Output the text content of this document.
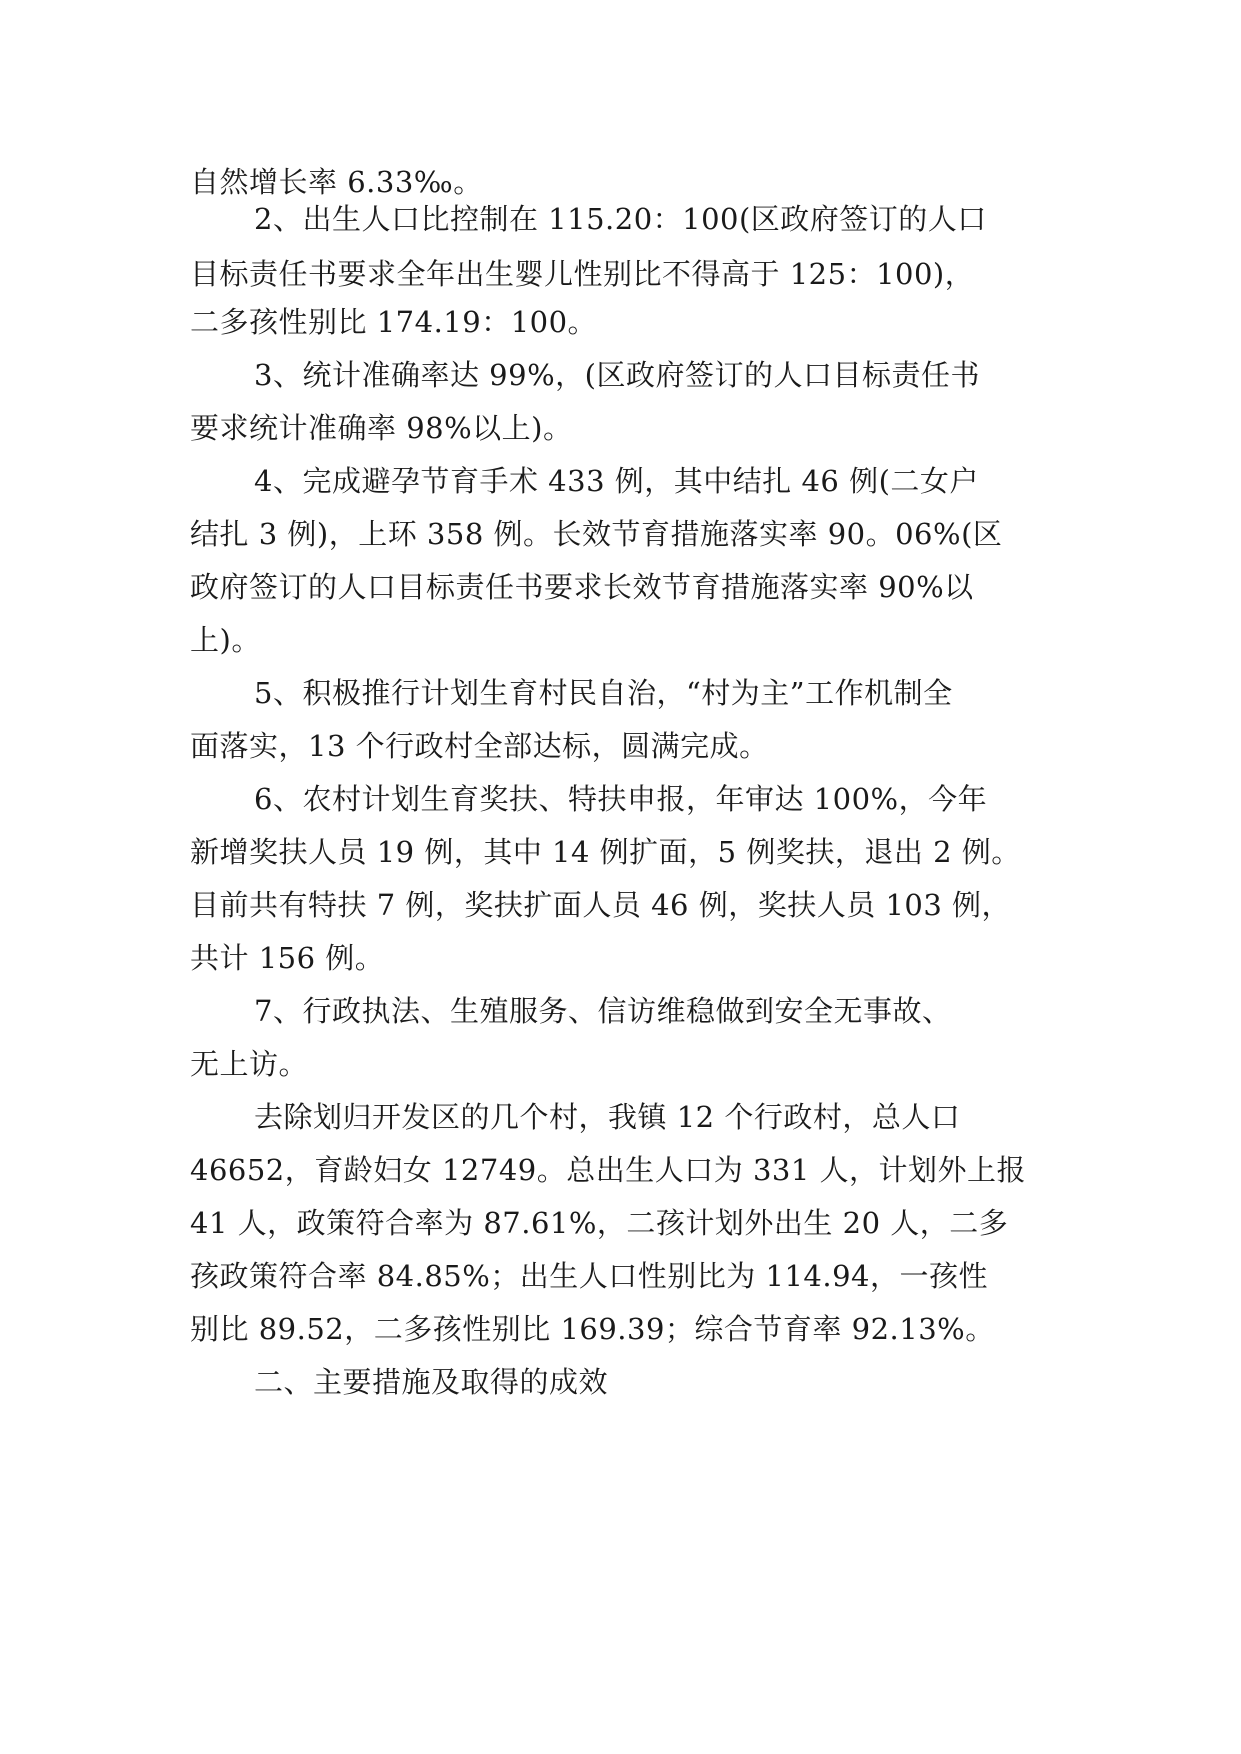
自然增长率 6.33‰。
2、出生人口比控制在 115.20：100(区政府签订的人口
目标责任书要求全年出生婴儿性别比不得高于 125：100)，
二多孩性别比 174.19：100。
3、统计准确率达 99%，(区政府签订的人口目标责任书
要求统计准确率 98%以上)。
4、完成避孕节育手术 433 例，其中结扎 46 例(二女户
结扎 3 例)，上环 358 例。长效节育措施落实率 90。06%(区
政府签订的人口目标责任书要求长效节育措施落实率 90%以
上)。
5、积极推行计划生育村民自治，“村为主”工作机制全
面落实，13 个行政村全部达标，圆满完成。
6、农村计划生育奖扶、特扶申报，年审达 100%，今年
新增奖扶人员 19 例，其中 14 例扩面，5 例奖扶，退出 2 例。
目前共有特扶 7 例，奖扶扩面人员 46 例，奖扶人员 103 例，
共计 156 例。
7、行政执法、生殖服务、信访维稳做到安全无事故、
无上访。
去除划归开发区的几个村，我镇 12 个行政村，总人口
46652，育龄妇女 12749。总出生人口为 331 人，计划外上报
41 人，政策符合率为 87.61%，二孩计划外出生 20 人，二多
孩政策符合率 84.85%；出生人口性别比为 114.94，一孩性
别比 89.52，二多孩性别比 169.39；综合节育率 92.13%。
二、主要措施及取得的成效
